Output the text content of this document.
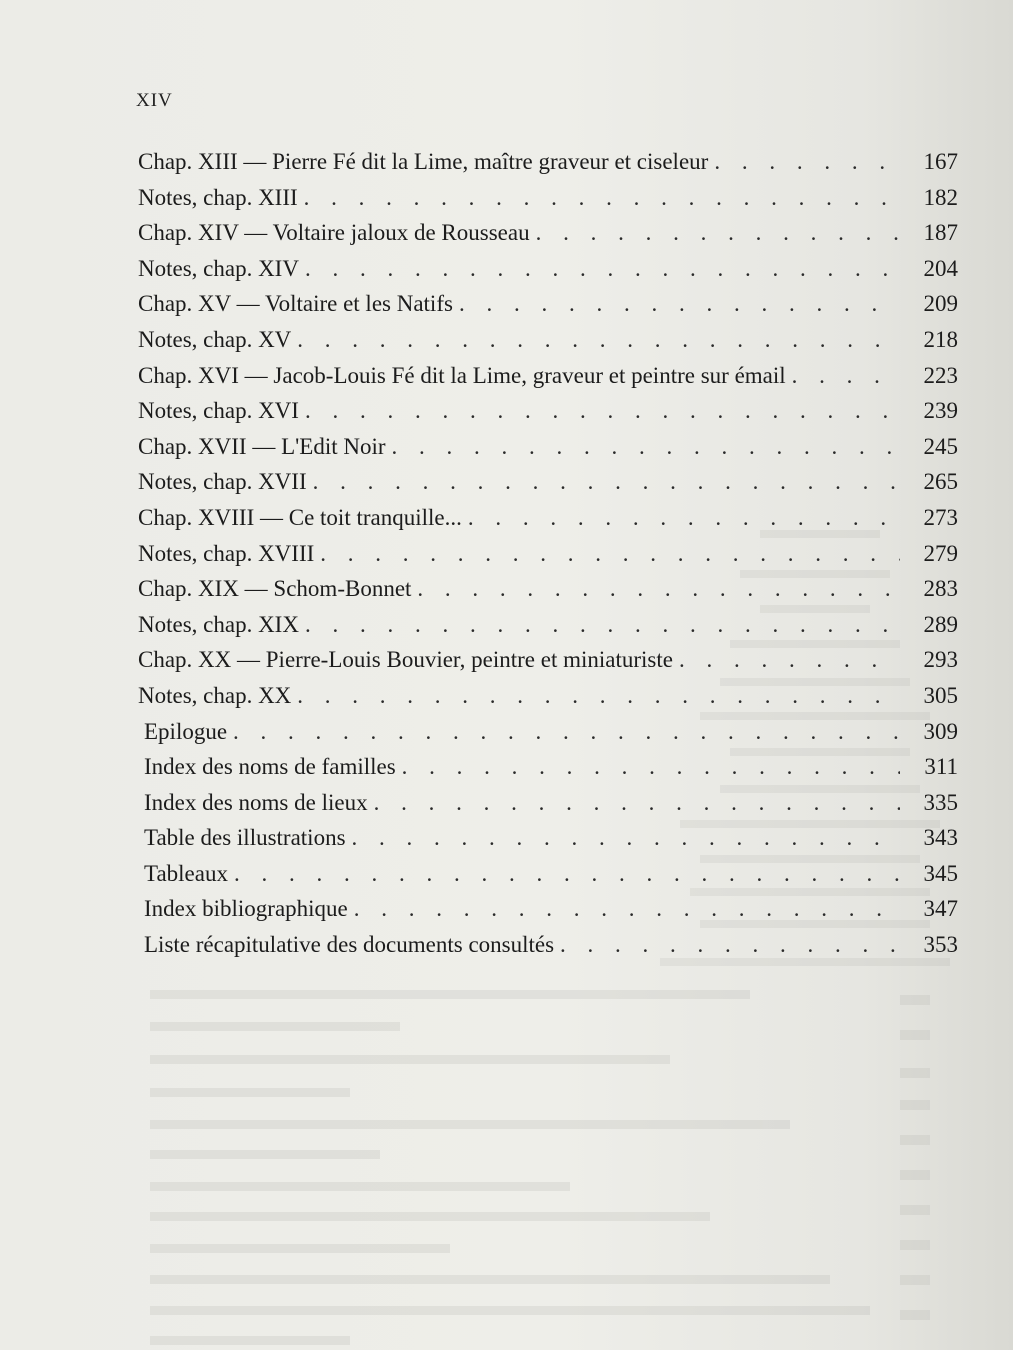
XIV
Chap. XIII — Pierre Fé dit la Lime, maître graveur et ciseleur . . .	167
Notes, chap. XIII . . .	182
Chap. XIV — Voltaire jaloux de Rousseau . . .	187
Notes, chap. XIV . . .	204
Chap. XV — Voltaire et les Natifs . . .	209
Notes, chap. XV . . .	218
Chap. XVI — Jacob-Louis Fé dit la Lime, graveur et peintre sur émail . . .	223
Notes, chap. XVI . . .	239
Chap. XVII — L'Edit Noir . . .	245
Notes, chap. XVII . . .	265
Chap. XVIII — Ce toit tranquille... . . .	273
Notes, chap. XVIII . . .	279
Chap. XIX — Schom-Bonnet . . .	283
Notes, chap. XIX . . .	289
Chap. XX — Pierre-Louis Bouvier, peintre et miniaturiste . . .	293
Notes, chap. XX . . .	305
Epilogue . . .	309
Index des noms de familles . . .	311
Index des noms de lieux . . .	335
Table des illustrations . . .	343
Tableaux . . .	345
Index bibliographique . . .	347
Liste récapitulative des documents consultés . . .	353
